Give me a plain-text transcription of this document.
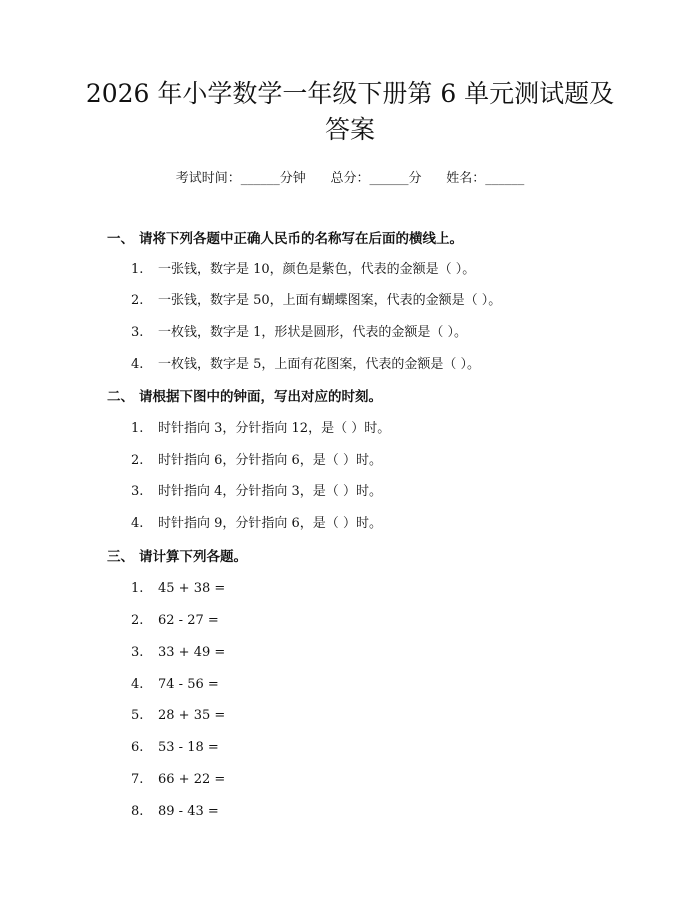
2026 年小学数学一年级下册第 6 单元测试题及答案
考试时间：______分钟      总分：______分      姓名：______
一、 请将下列各题中正确人民币的名称写在后面的横线上。
1. 一张钱，数字是 10，颜色是紫色，代表的金额是（ ）。
2. 一张钱，数字是 50，上面有蝴蝶图案，代表的金额是（ ）。
3. 一枚钱，数字是 1，形状是圆形，代表的金额是（ ）。
4. 一枚钱，数字是 5，上面有花图案，代表的金额是（ ）。
二、 请根据下图中的钟面，写出对应的时刻。
1. 时针指向 3，分针指向 12，是（ ）时。
2. 时针指向 6，分针指向 6，是（ ）时。
3. 时针指向 4，分针指向 3，是（ ）时。
4. 时针指向 9，分针指向 6，是（ ）时。
三、 请计算下列各题。
1. 45 + 38 =
2. 62 - 27 =
3. 33 + 49 =
4. 74 - 56 =
5. 28 + 35 =
6. 53 - 18 =
7. 66 + 22 =
8. 89 - 43 =
